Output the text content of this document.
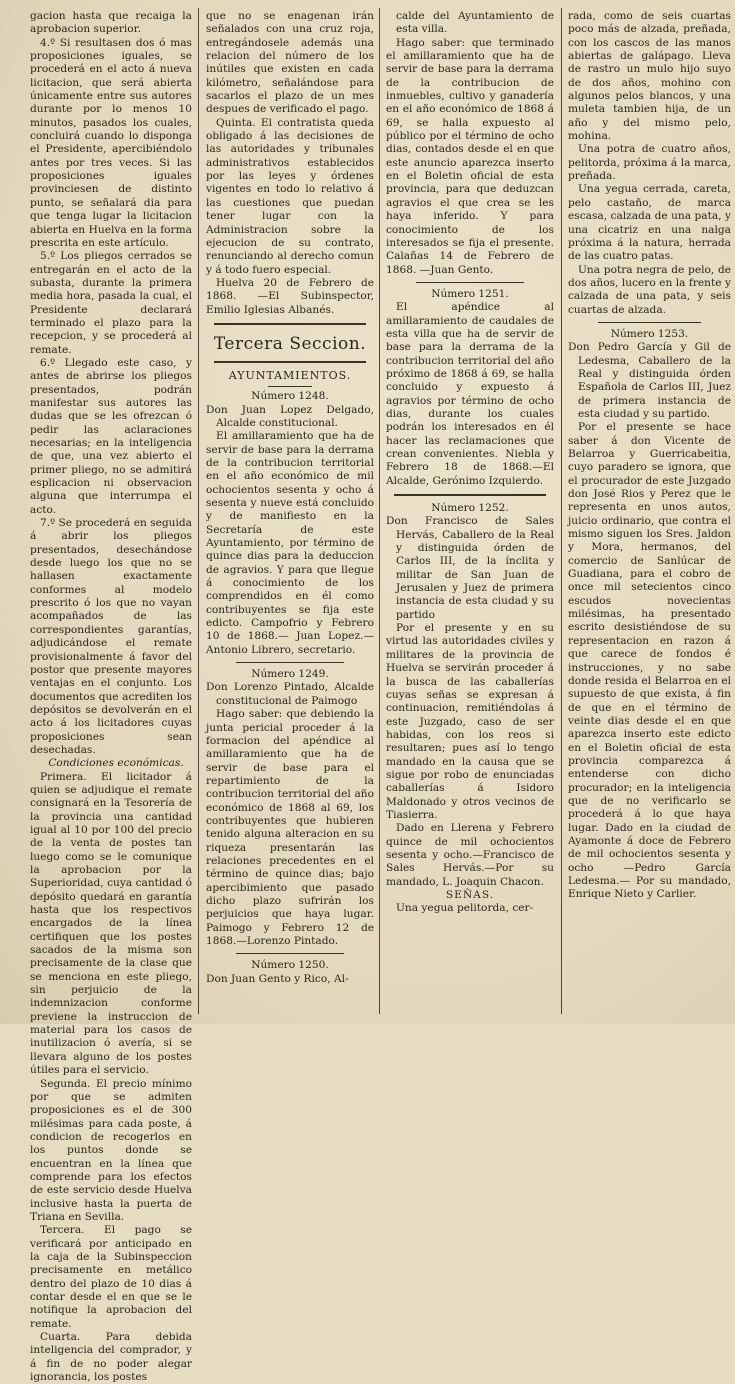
gacion hasta que recaiga la aprobacion superior.

4.º Si resultasen dos ó mas proposiciones iguales, se procederá en el acto á nueva licitacion, que será abierta únicamente entre sus autores durante por lo menos 10 minutos, pasados los cuales, concluirá cuando lo disponga el Presidente, apercibiéndolo antes por tres veces. Si las proposiciones iguales provinciesen de distinto punto, se señalará dia para que tenga lugar la licitacion abierta en Huelva en la forma prescrita en este artículo.

5.º Los pliegos cerrados se entregarán en el acto de la subasta, durante la primera media hora, pasada la cual, el Presidente declarará terminado el plazo para la recepcion, y se procederá al remate.

6.º Llegado este caso, y antes de abrirse los pliegos presentados, podrán manifestar sus autores las dudas que se les ofrezcan ó pedir las aclaraciones necesarias; en la inteligencia de que, una vez abierto el primer pliego, no se admitirá esplicacion ni observacion alguna que interrumpa el acto.

7.º Se procederá en seguida á abrir los pliegos presentados, desechándose desde luego los que no se hallasen exactamente conformes al modelo prescrito ó los que no vayan acompañados de las correspondientes garantías, adjudicándose el remate provisionalmente á favor del postor que presente mayores ventajas en el conjunto. Los documentos que acrediten los depósitos se devolverán en el acto á los licitadores cuyas proposiciones sean desechadas.

Condiciones económicas.

Primera. El licitador á quien se adjudique el remate consignará en la Tesorería de la provincia una cantidad igual al 10 por 100 del precio de la venta de postes tan luego como se le comunique la aprobacion por la Superioridad, cuya cantidad ó depósito quedará en garantía hasta que los respectivos encargados de la línea certifiquen que los postes sacados de la misma son precisamente de la clase que se menciona en este pliego, sin perjuicio de la indemnizacion conforme previene la instruccion de material para los casos de inutilizacion ó avería, si se llevara alguno de los postes útiles para el servicio.

Segunda. El precio mínimo por que se admiten proposiciones es el de 300 milésimas para cada poste, á condicion de recogerlos en los puntos donde se encuentran en la línea que comprende para los efectos de este servicio desde Huelva inclusive hasta la puerta de Triana en Sevilla.

Tercera. El pago se verificará por anticipado en la caja de la Subinspeccion precisamente en metálico dentro del plazo de 10 dias á contar desde el en que se le notifique la aprobacion del remate.

Cuarta. Para debida inteligencia del comprador, y á fin de no poder alegar ignorancia, los postes

que no se enagenan irán señalados con una cruz roja, entregándosele además una relacion del número de los inútiles que existen en cada kilómetro, señalándose para sacarlos el plazo de un mes despues de verificado el pago.

Quinta. El contratista queda obligado á las decisiones de las autoridades y tribunales administrativos establecidos por las leyes y órdenes vigentes en todo lo relativo á las cuestiones que puedan tener lugar con la Administracion sobre la ejecucion de su contrato, renunciando al derecho comun y á todo fuero especial.

Huelva 20 de Febrero de 1868. —El Subinspector, Emilio Iglesias Albanés.

Tercera Seccion.
AYUNTAMIENTOS.

Número 1248.

Don Juan Lopez Delgado, Alcalde constitucional.

El amillaramiento que ha de servir de base para la derrama de la contribucion territorial en el año económico de mil ochocientos sesenta y ocho á sesenta y nueve está concluido y de manifiesto en la Secretaría de este Ayuntamiento, por término de quince dias para la deduccion de agravios. Y para que llegue á conocimiento de los comprendidos en él como contribuyentes se fija este edicto. Campofrio y Febrero 10 de 1868.— Juan Lopez.—Antonio Librero, secretario.

Número 1249.

Don Lorenzo Pintado, Alcalde constitucional de Paimogo

Hago saber: que debiendo la junta pericial proceder á la formacion del apéndice al amillaramiento que ha de servir de base para el repartimiento de la contribucion territorial del año económico de 1868 al 69, los contribuyentes que hubieren tenido alguna alteracion en su riqueza presentarán las relaciones precedentes en el término de quince dias; bajo apercibimiento que pasado dicho plazo sufrirán los perjuicios que haya lugar. Paimogo y Febrero 12 de 1868.—Lorenzo Pintado.

Número 1250.

Don Juan Gento y Rico, Al-

calde del Ayuntamiento de esta villa.

Hago saber: que terminado el amillaramiento que ha de servir de base para la derrama de la contribucion de inmuebles, cultivo y ganadería en el año económico de 1868 á 69, se halla expuesto al público por el término de ocho dias, contados desde el en que este anuncio aparezca inserto en el Boletin oficial de esta provincia, para que deduzcan agravios el que crea se les haya inferido. Y para conocimiento de los interesados se fija el presente. Calañas 14 de Febrero de 1868. —Juan Gento.

Número 1251.

El apéndice al amillaramiento de caudales de esta villa que ha de servir de base para la derrama de la contribucion territorial del año próximo de 1868 á 69, se halla concluido y expuesto á agravios por término de ocho dias, durante los cuales podrán los interesados en él hacer las reclamaciones que crean convenientes. Niebla y Febrero 18 de 1868.—El Alcalde, Gerónimo Izquierdo.

Número 1252.

Don Francisco de Sales Hervás, Caballero de la Real y distinguida órden de Carlos III, de la ínclita y militar de San Juan de Jerusalen y Juez de primera instancia de esta ciudad y su partido

Por el presente y en su virtud las autoridades civiles y militares de la provincia de Huelva se servirán proceder á la busca de las caballerías cuyas señas se expresan á continuacion, remitiéndolas á este Juzgado, caso de ser habidas, con los reos si resultaren; pues así lo tengo mandado en la causa que se sigue por robo de enunciadas caballerías á Isidoro Maldonado y otros vecinos de Tiasierra.

Dado en Llerena y Febrero quince de mil ochocientos sesenta y ocho.—Francisco de Sales Hervás.—Por su mandado, L. Joaquin Chacon.

SEÑAS.

Una yegua pelitorda, cer-

rada, como de seis cuartas poco más de alzada, preñada, con los cascos de las manos abiertas de galápago. Lleva de rastro un mulo hijo suyo de dos años, mohino con algunos pelos blancos, y una muleta tambien hija, de un año y del mismo pelo, mohina.

Una potra de cuatro años, pelitorda, próxima á la marca, preñada.

Una yegua cerrada, careta, pelo castaño, de marca escasa, calzada de una pata, y una cicatriz en una nalga próxima á la natura, herrada de las cuatro patas.

Una potra negra de pelo, de dos años, lucero en la frente y calzada de una pata, y seis cuartas de alzada.

Número 1253.

Don Pedro García y Gil de Ledesma, Caballero de la Real y distinguida órden Española de Carlos III, Juez de primera instancia de esta ciudad y su partido.

Por el presente se hace saber á don Vicente de Belarroa y Guerricabeitia, cuyo paradero se ignora, que el procurador de este Juzgado don José Rios y Perez que le representa en unos autos, juicio ordinario, que contra el mismo siguen los Sres. Jaldon y Mora, hermanos, del comercio de Sanlúcar de Guadiana, para el cobro de once mil setecientos cinco escudos novecientas milésimas, ha presentado escrito desistiéndose de su representacion en razon á que carece de fondos é instrucciones, y no sabe donde resida el Belarroa en el supuesto de que exista, á fin de que en el término de veinte dias desde el en que aparezca inserto este edicto en el Boletin oficial de esta provincia comparezca á entenderse con dicho procurador; en la inteligencia que de no verificarlo se procederá á lo que haya lugar. Dado en la ciudad de Ayamonte á doce de Febrero de mil ochocientos sesenta y ocho —Pedro García Ledesma.— Por su mandado, Enrique Nieto y Carlier.
